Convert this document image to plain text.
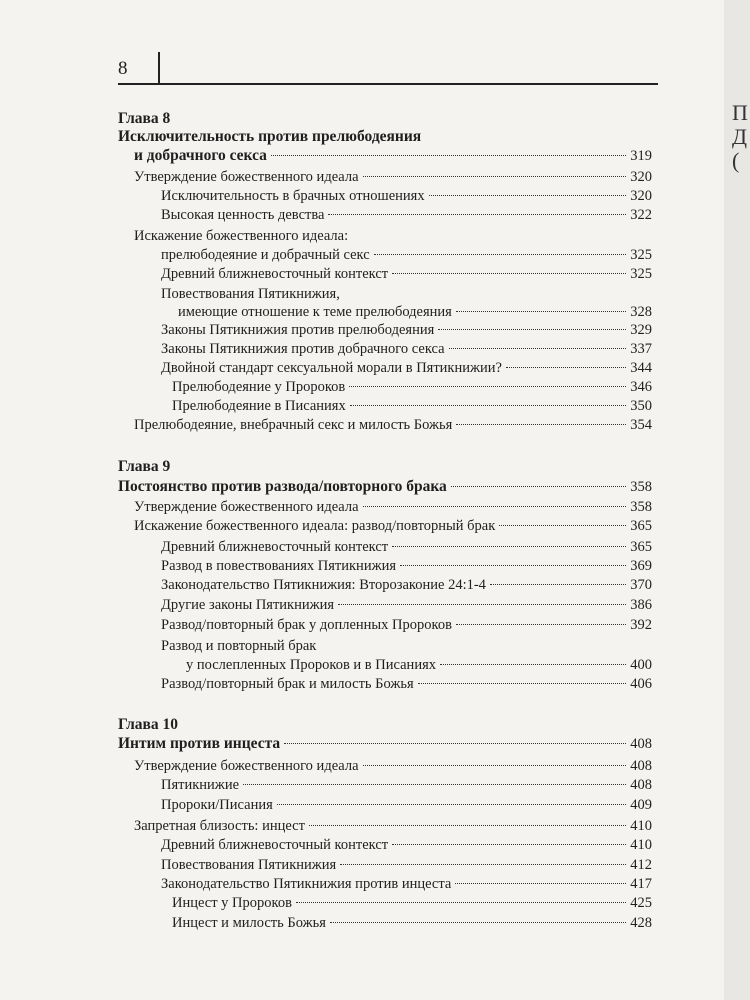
8
Глава 8
Исключительность против прелюбодеяния
и добрачного секса	319
Утверждение божественного идеала	320
Исключительность в брачных отношениях	320
Высокая ценность девства	322
Искажение божественного идеала:
прелюбодеяние и добрачный секс	325
Древний ближневосточный контекст	325
Повествования Пятикнижия,
имеющие отношение к теме прелюбодеяния	328
Законы Пятикнижия против прелюбодеяния	329
Законы Пятикнижия против добрачного секса	337
Двойной стандарт сексуальной морали в Пятикнижии?	344
Прелюбодеяние у Пророков	346
Прелюбодеяние в Писаниях	350
Прелюбодеяние, внебрачный секс и милость Божья	354
Глава 9
Постоянство против развода/повторного брака	358
Утверждение божественного идеала	358
Искажение божественного идеала: развод/повторный брак	365
Древний ближневосточный контекст	365
Развод в повествованиях Пятикнижия	369
Законодательство Пятикнижия: Второзаконие 24:1-4	370
Другие законы Пятикнижия	386
Развод/повторный брак у допленных Пророков	392
Развод и повторный брак
у послепленных Пророков и в Писаниях	400
Развод/повторный брак и милость Божья	406
Глава 10
Интим против инцеста	408
Утверждение божественного идеала	408
Пятикнижие	408
Пророки/Писания	409
Запретная близость: инцест	410
Древний ближневосточный контекст	410
Повествования Пятикнижия	412
Законодательство Пятикнижия против инцеста	417
Инцест у Пророков	425
Инцест и милость Божья	428
П
Д
(
